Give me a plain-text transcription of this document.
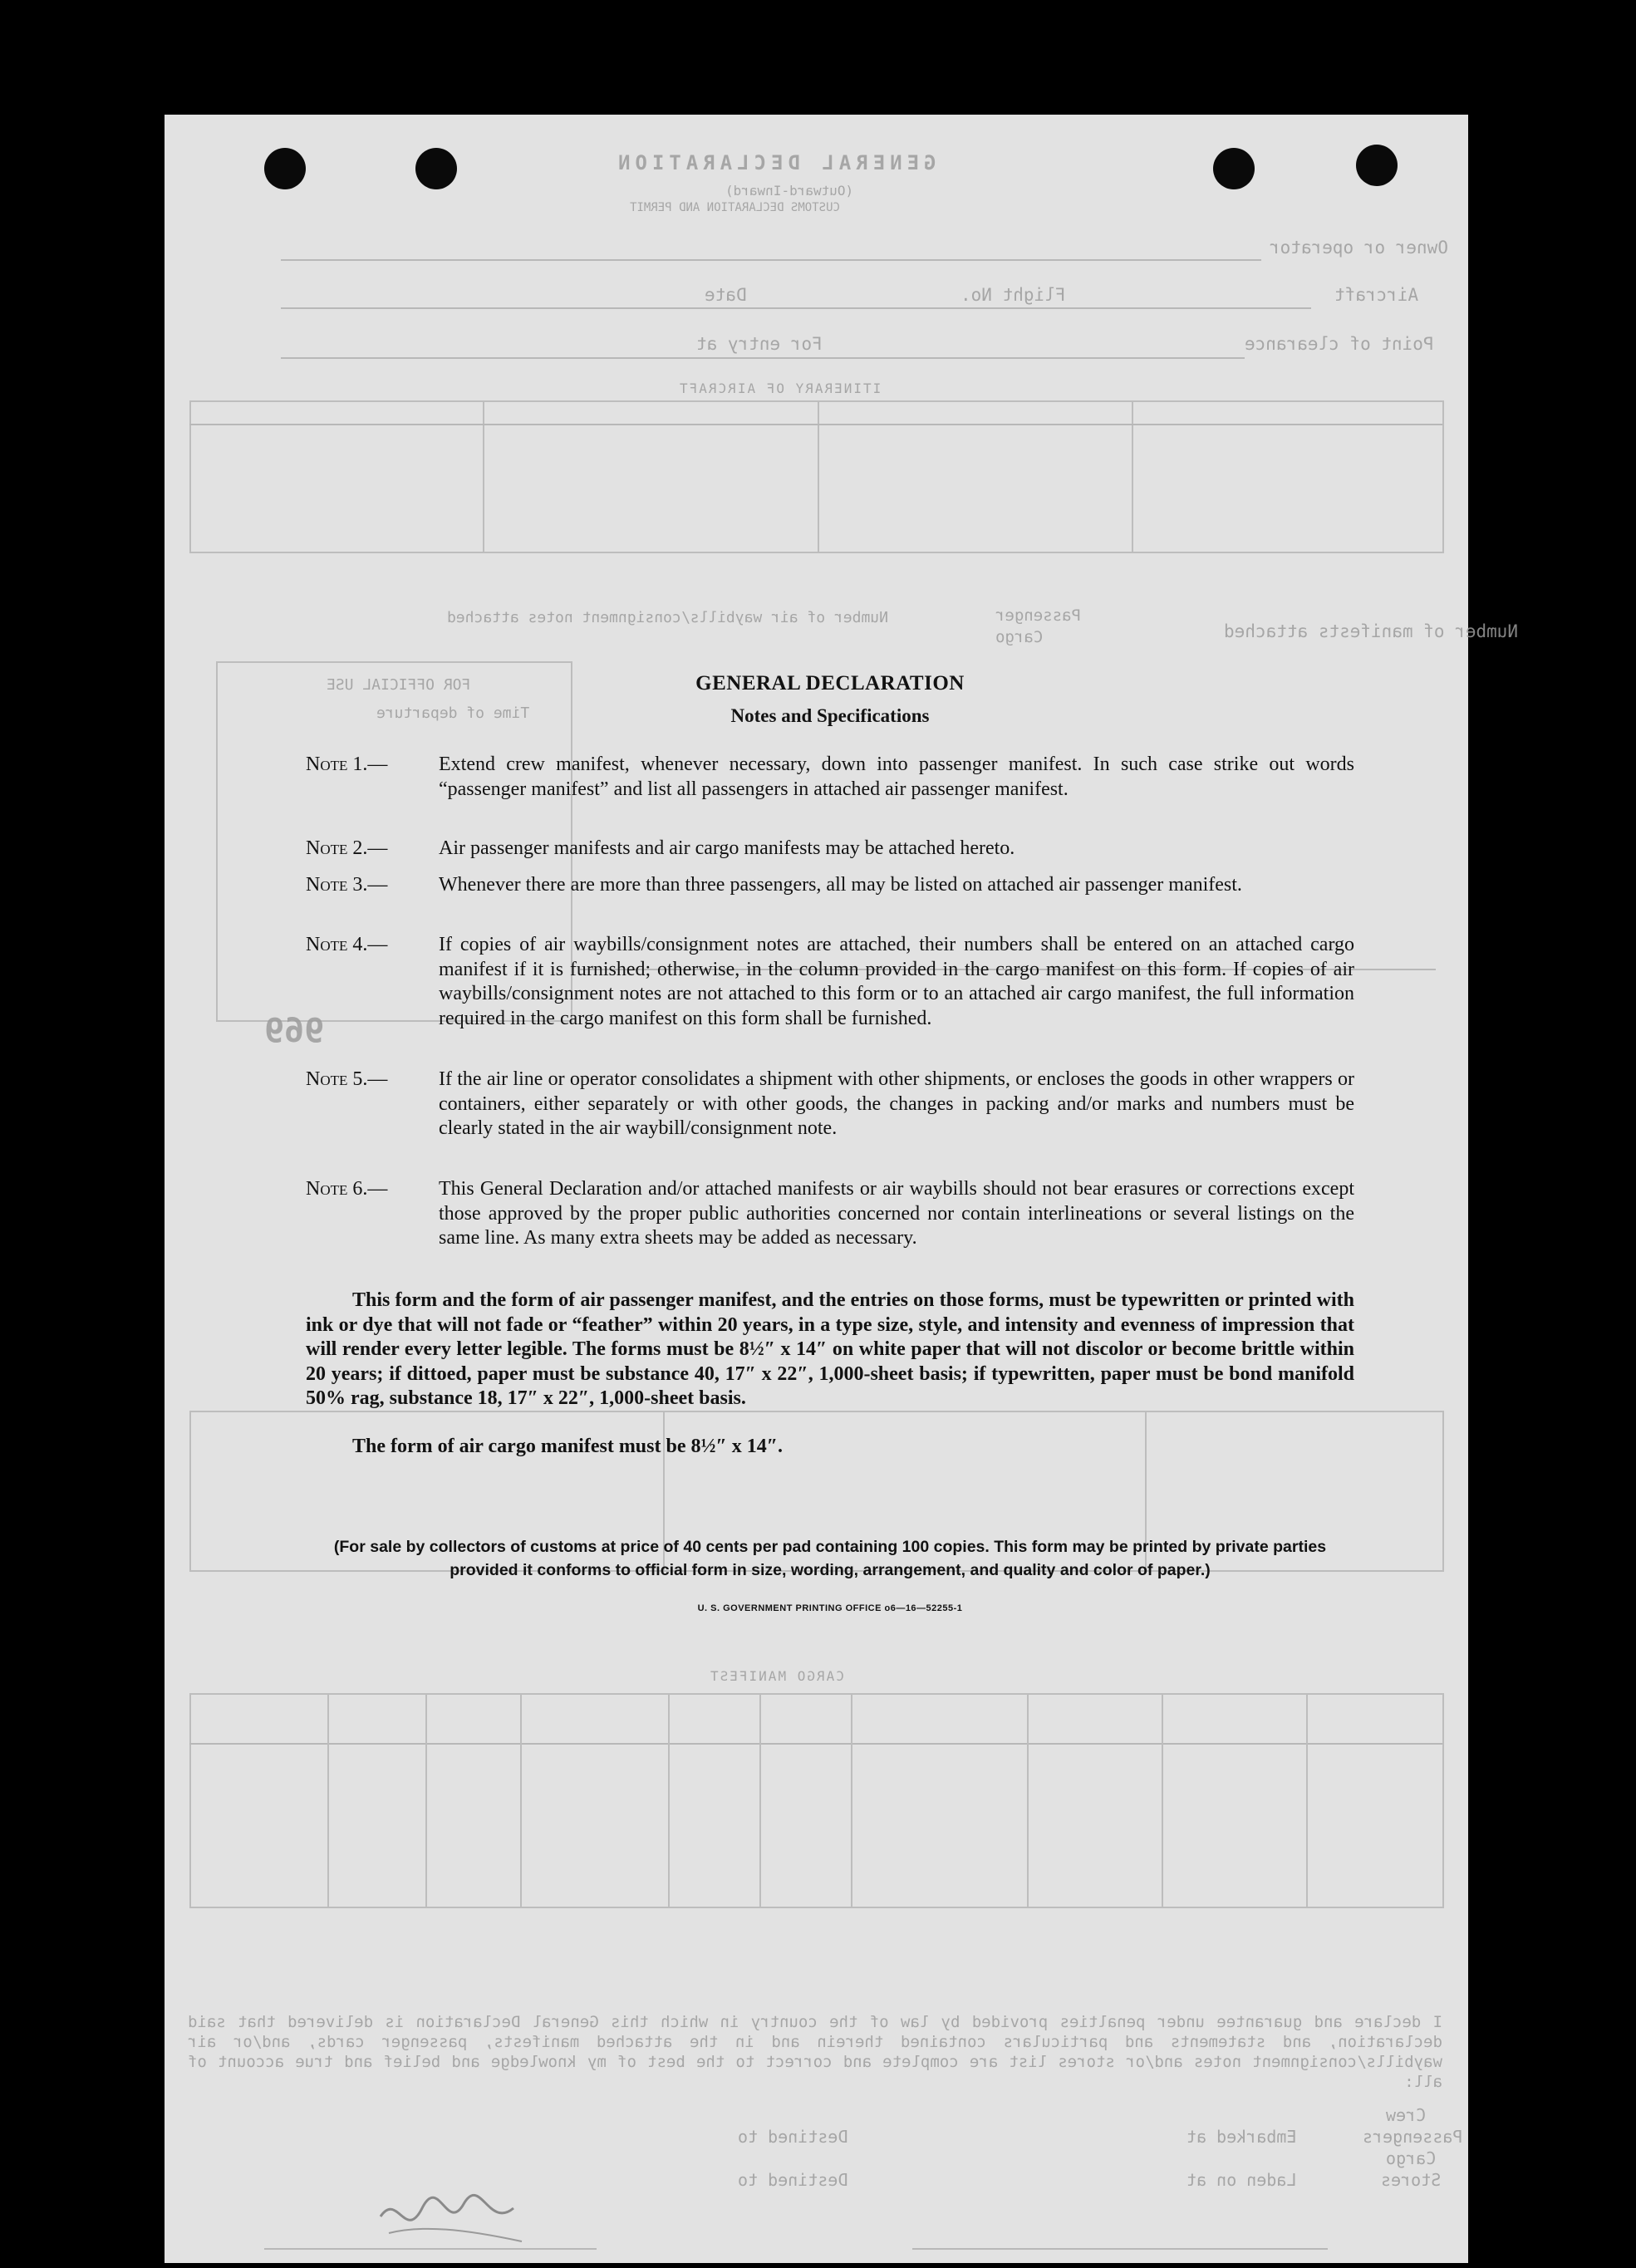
GENERAL DECLARATION
(Outward-Inward)
CUSTOMS DECLARATION AND PERMIT
Owner or operator
Aircraft
Flight No.
Date
Point of clearance
For entry at
ITINERARY OF AIRCRAFT
Number of manifests attached
Passenger
Cargo
Number of air waybills/consignment notes attached
FOR OFFICIAL USE
Time of departure
969
CARGO MANIFEST
I declare and guarantee under penalties provided by law of the country in which this General Declaration is delivered that said declaration, and statements and particulars contained therein and in the attached manifests, passenger cards, and/or air waybills/consignment notes and/or stores list are complete and correct to the best of my knowledge and belief and true account of all:
Crew
Passengers
Cargo
Stores
Embarked at
Laden on at
Destined to
Destined to
GENERAL DECLARATION
Notes and Specifications
Note 1.—	Extend crew manifest, whenever necessary, down into passenger manifest. In such case strike out words “passenger manifest” and list all passengers in attached air passenger manifest.
Note 2.—	Air passenger manifests and air cargo manifests may be attached hereto.
Note 3.—	Whenever there are more than three passengers, all may be listed on attached air passenger manifest.
Note 4.—	If copies of air waybills/consignment notes are attached, their numbers shall be entered on an attached cargo manifest if it is furnished; otherwise, in the column provided in the cargo manifest on this form. If copies of air waybills/consignment notes are not attached to this form or to an attached air cargo manifest, the full information required in the cargo manifest on this form shall be furnished.
Note 5.—	If the air line or operator consolidates a shipment with other shipments, or encloses the goods in other wrappers or containers, either separately or with other goods, the changes in packing and/or marks and numbers must be clearly stated in the air waybill/consignment note.
Note 6.—	This General Declaration and/or attached manifests or air waybills should not bear erasures or corrections except those approved by the proper public authorities concerned nor contain interlineations or several listings on the same line. As many extra sheets may be added as necessary.
This form and the form of air passenger manifest, and the entries on those forms, must be typewritten or printed with ink or dye that will not fade or “feather” within 20 years, in a type size, style, and intensity and evenness of impression that will render every letter legible. The forms must be 8½″ x 14″ on white paper that will not discolor or become brittle within 20 years; if dittoed, paper must be substance 40, 17″ x 22″, 1,000-sheet basis; if typewritten, paper must be bond manifold 50% rag, substance 18, 17″ x 22″, 1,000-sheet basis.
The form of air cargo manifest must be 8½″ x 14″.
(For sale by collectors of customs at price of 40 cents per pad containing 100 copies. This form may be printed by private parties provided it conforms to official form in size, wording, arrangement, and quality and color of paper.)
U. S. GOVERNMENT PRINTING OFFICE o6—16—52255-1
